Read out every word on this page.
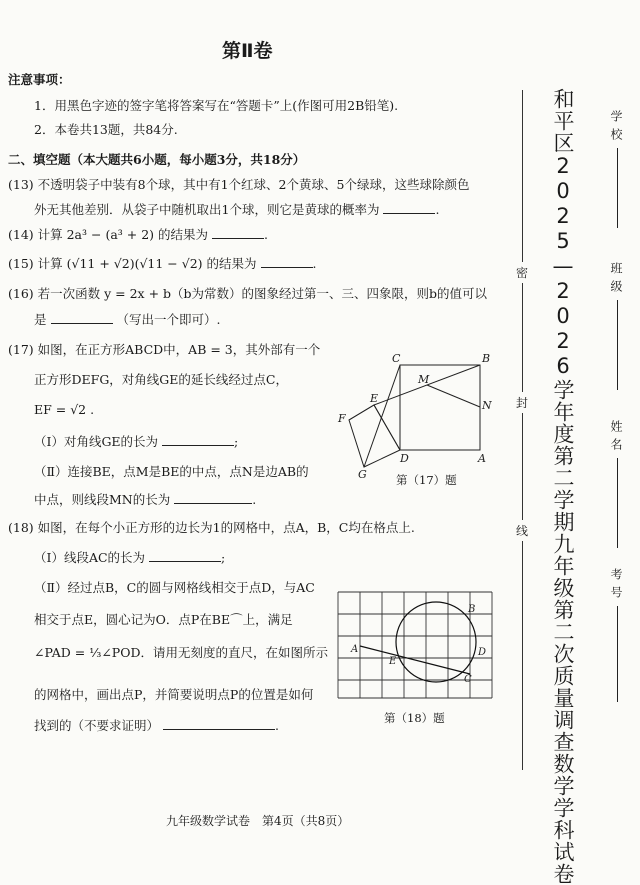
第Ⅱ卷
注意事项：
1．用黑色字迹的签字笔将答案写在“答题卡”上(作图可用2B铅笔).
2．本卷共13题，共84分.
二、填空题（本大题共6小题，每小题3分，共18分）
(13) 不透明袋子中装有8个球，其中有1个红球、2个黄球、5个绿球，这些球除颜色
外无其他差别．从袋子中随机取出1个球，则它是黄球的概率为	.
(14) 计算 2a³ − (a³ + 2) 的结果为	.
(15) 计算 (√11 + √2)(√11 − √2) 的结果为	.
(16) 若一次函数 y = 2x + b（b为常数）的图象经过第一、三、四象限，则b的值可以
是	（写出一个即可）.
(17) 如图，在正方形ABCD中，AB = 3，其外部有一个
正方形DEFG，对角线GE的延长线经过点C，
EF = √2 .
（Ⅰ）对角线GE的长为	;
（Ⅱ）连接BE，点M是BE的中点，点N是边AB的
中点，则线段MN的长为	.
C	B
M
E
N
F
D	A
G	第（17）题
(18) 如图，在每个小正方形的边长为1的网格中，点A，B，C均在格点上.
（Ⅰ）线段AC的长为	;
（Ⅱ）经过点B，C的圆与网格线相交于点D，与AC
相交于点E，圆心记为O．点P在BE⌒上，满足
∠PAD = ⅓∠POD．请用无刻度的直尺，在如图所示
的网格中，画出点P，并简要说明点P的位置是如何
找到的（不要求证明）	.
A
B
C
D
E
第（18）题
九年级数学试卷　第4页（共8页）
密
封
线 和平区2025—2026学年度第二学期九年级第二次质量调查数学学科试卷	学校
班级
姓名
考号
